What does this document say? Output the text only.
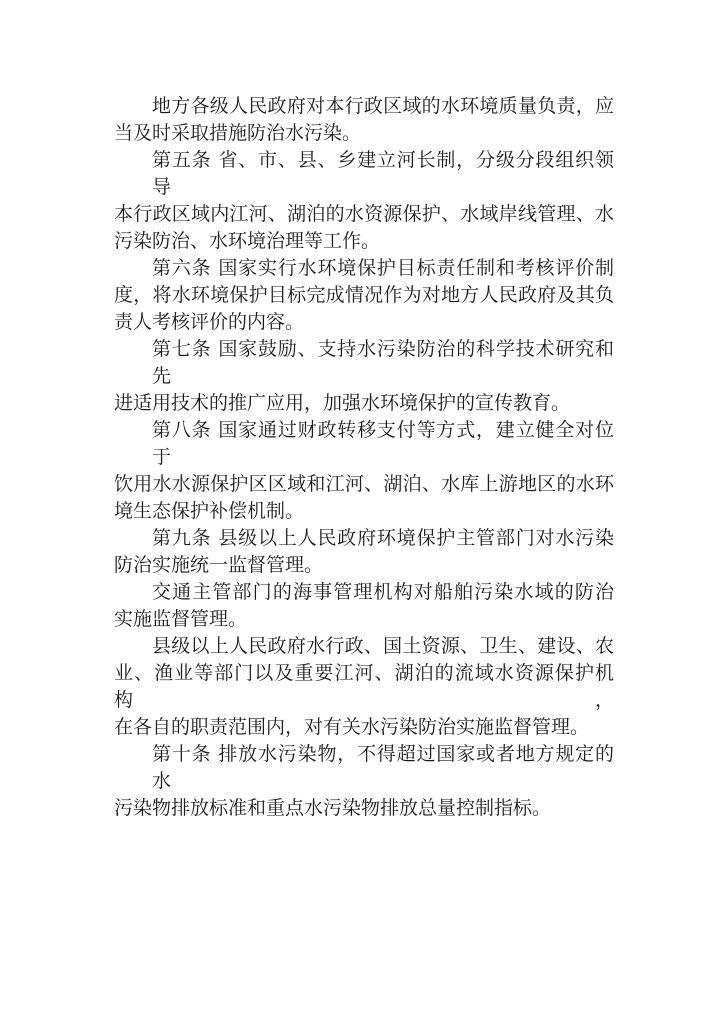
地方各级人民政府对本行政区域的水环境质量负责，应
当及时采取措施防治水污染。
第五条 省、市、县、乡建立河长制，分级分段组织领导
本行政区域内江河、湖泊的水资源保护、水域岸线管理、水
污染防治、水环境治理等工作。
第六条 国家实行水环境保护目标责任制和考核评价制
度，将水环境保护目标完成情况作为对地方人民政府及其负
责人考核评价的内容。
第七条 国家鼓励、支持水污染防治的科学技术研究和先
进适用技术的推广应用，加强水环境保护的宣传教育。
第八条 国家通过财政转移支付等方式，建立健全对位于
饮用水水源保护区区域和江河、湖泊、水库上游地区的水环
境生态保护补偿机制。
第九条 县级以上人民政府环境保护主管部门对水污染
防治实施统一监督管理。
交通主管部门的海事管理机构对船舶污染水域的防治
实施监督管理。
县级以上人民政府水行政、国土资源、卫生、建设、农
业、渔业等部门以及重要江河、湖泊的流域水资源保护机构，
在各自的职责范围内，对有关水污染防治实施监督管理。
第十条 排放水污染物，不得超过国家或者地方规定的水
污染物排放标准和重点水污染物排放总量控制指标。
